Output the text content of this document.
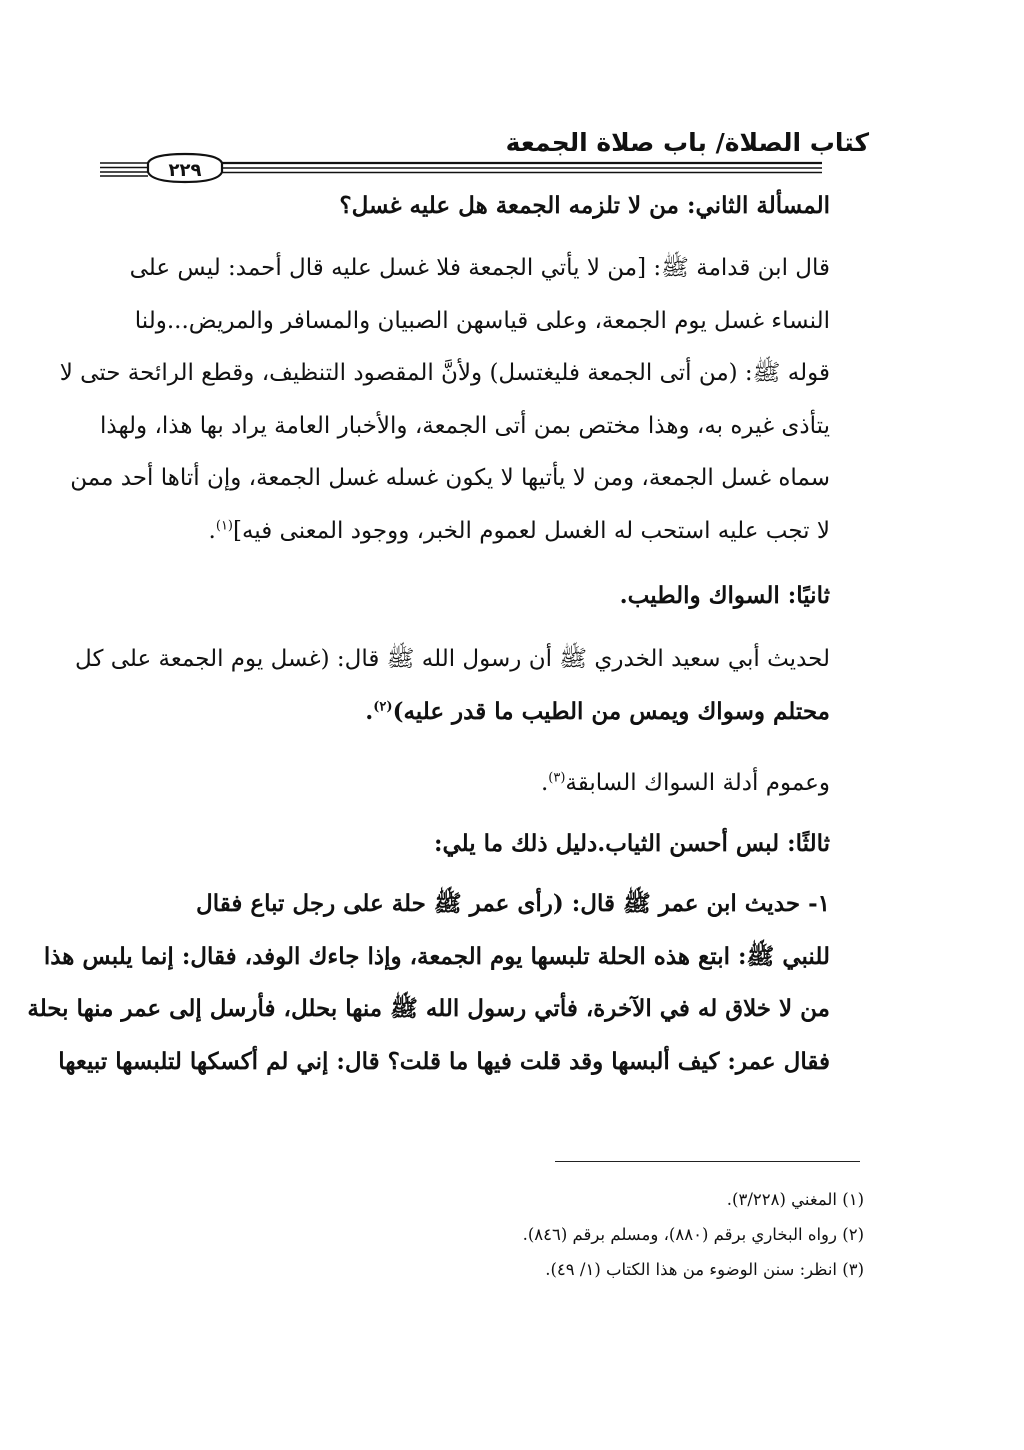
كتاب الصلاة/ باب صلاة الجمعة
٢٢٩
المسألة الثاني: من لا تلزمه الجمعة هل عليه غسل؟
قال ابن قدامة ﷺ: [من لا يأتي الجمعة فلا غسل عليه قال أحمد: ليس على
النساء غسل يوم الجمعة، وعلى قياسهن الصبيان والمسافر والمريض...ولنا
قوله ﷺ: (من أتى الجمعة فليغتسل) ولأنَّ المقصود التنظيف، وقطع الرائحة حتى لا
يتأذى غيره به، وهذا مختص بمن أتى الجمعة، والأخبار العامة يراد بها هذا، ولهذا
سماه غسل الجمعة، ومن لا يأتيها لا يكون غسله غسل الجمعة، وإن أتاها أحد ممن
لا تجب عليه استحب له الغسل لعموم الخبر، ووجود المعنى فيه]$^{(١)}$.
ثانيًا: السواك والطيب.
لحديث أبي سعيد الخدري ﷺ أن رسول الله ﷺ قال: (غسل يوم الجمعة على كل
محتلم وسواك ويمس من الطيب ما قدر عليه)$^{(٢)}$.
وعموم أدلة السواك السابقة$^{(٣)}$.
ثالثًا: لبس أحسن الثياب.دليل ذلك ما يلي:
١- حديث ابن عمر ﷺ قال: (رأى عمر ﷺ حلة على رجل تباع فقال
للنبي ﷺ: ابتع هذه الحلة تلبسها يوم الجمعة، وإذا جاءك الوفد، فقال: إنما يلبس هذا
من لا خلاق له في الآخرة، فأتي رسول الله ﷺ منها بحلل، فأرسل إلى عمر منها بحلة
فقال عمر: كيف ألبسها وقد قلت فيها ما قلت؟ قال: إني لم أكسكها لتلبسها تبيعها
(١) المغني (٣/٢٢٨).
(٢) رواه البخاري برقم (٨٨٠)، ومسلم برقم (٨٤٦).
(٣) انظر: سنن الوضوء من هذا الكتاب (١/ ٤٩).
